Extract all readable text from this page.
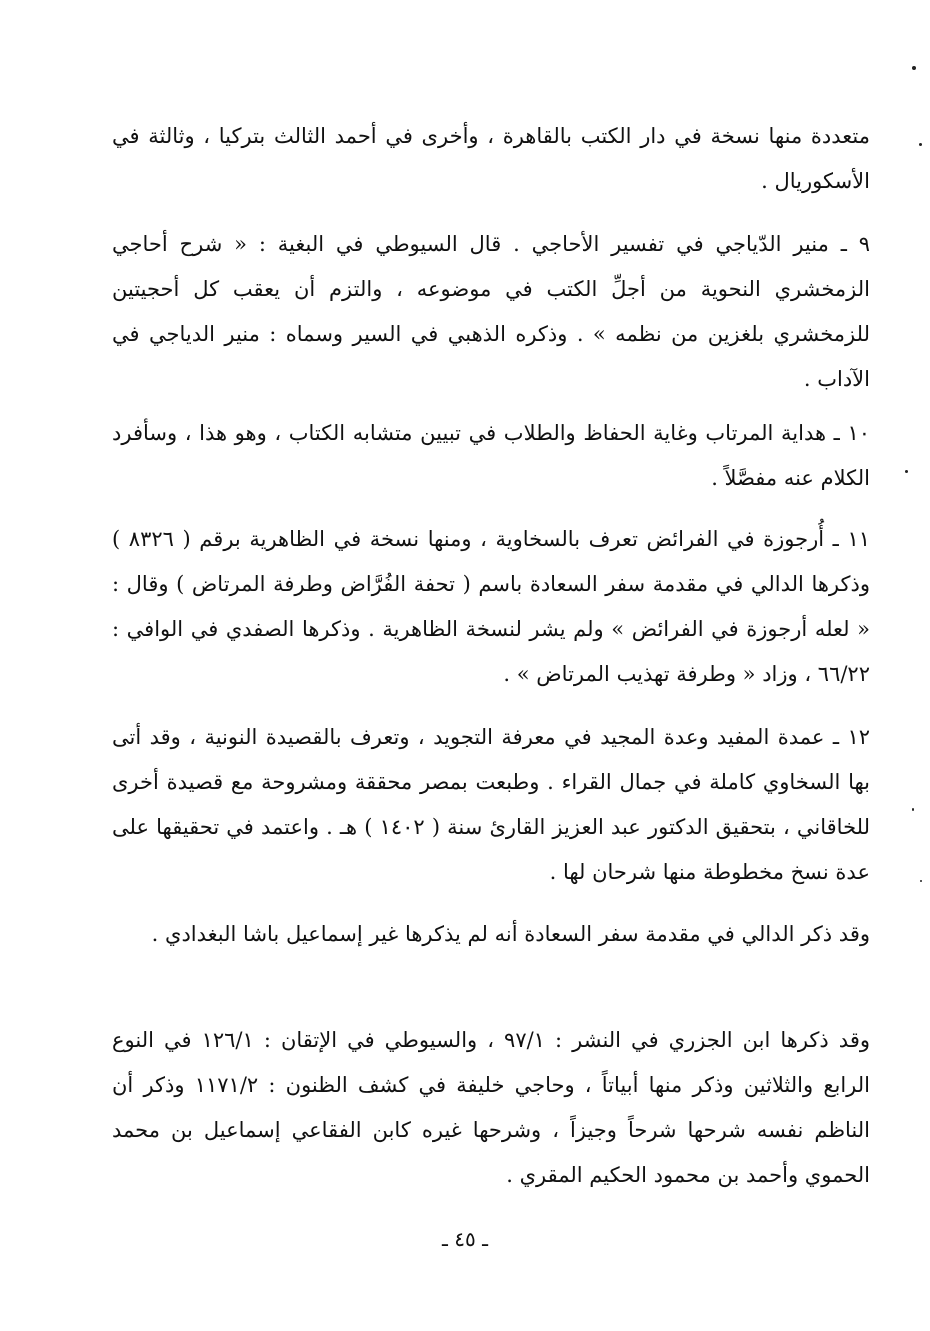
متعددة منها نسخة في دار الكتب بالقاهرة ، وأخرى في أحمد الثالث بتركيا ، وثالثة في الأسكوريال .

٩ ـ منير الدّياجي في تفسير الأحاجي . قال السيوطي في البغية : « شرح أحاجي الزمخشري النحوية من أجلِّ الكتب في موضوعه ، والتزم أن يعقب كل أحجيتين للزمخشري بلغزين من نظمه » . وذكره الذهبي في السير وسماه : منير الدياجي في الآداب .

١٠ ـ هداية المرتاب وغاية الحفاظ والطلاب في تبيين متشابه الكتاب ، وهو هذا ، وسأفرد الكلام عنه مفصَّلاً .

١١ ـ أُرجوزة في الفرائض تعرف بالسخاوية ، ومنها نسخة في الظاهرية برقم ( ٨٣٢٦ ) وذكرها الدالي في مقدمة سفر السعادة باسم ( تحفة الفُرَّاض وطرفة المرتاض ) وقال : « لعله أرجوزة في الفرائض » ولم يشر لنسخة الظاهرية . وذكرها الصفدي في الوافي : ٦٦/٢٢ ، وزاد « وطرفة تهذيب المرتاض » .

١٢ ـ عمدة المفيد وعدة المجيد في معرفة التجويد ، وتعرف بالقصيدة النونية ، وقد أتى بها السخاوي كاملة في جمال القراء . وطبعت بمصر محققة ومشروحة مع قصيدة أخرى للخاقاني ، بتحقيق الدكتور عبد العزيز القارئ سنة ( ١٤٠٢ ) هـ . واعتمد في تحقيقها على عدة نسخ مخطوطة منها شرحان لها .

وقد ذكر الدالي في مقدمة سفر السعادة أنه لم يذكرها غير إسماعيل باشا البغدادي .

وقد ذكرها ابن الجزري في النشر : ٩٧/١ ، والسيوطي في الإتقان : ١٢٦/١ في النوع الرابع والثلاثين وذكر منها أبياتاً ، وحاجي خليفة في كشف الظنون : ١١٧١/٢ وذكر أن الناظم نفسه شرحها شرحاً وجيزاً ، وشرحها غيره كابن الفقاعي إسماعيل بن محمد الحموي وأحمد بن محمود الحكيم المقري .

ـ ٤٥ ـ
